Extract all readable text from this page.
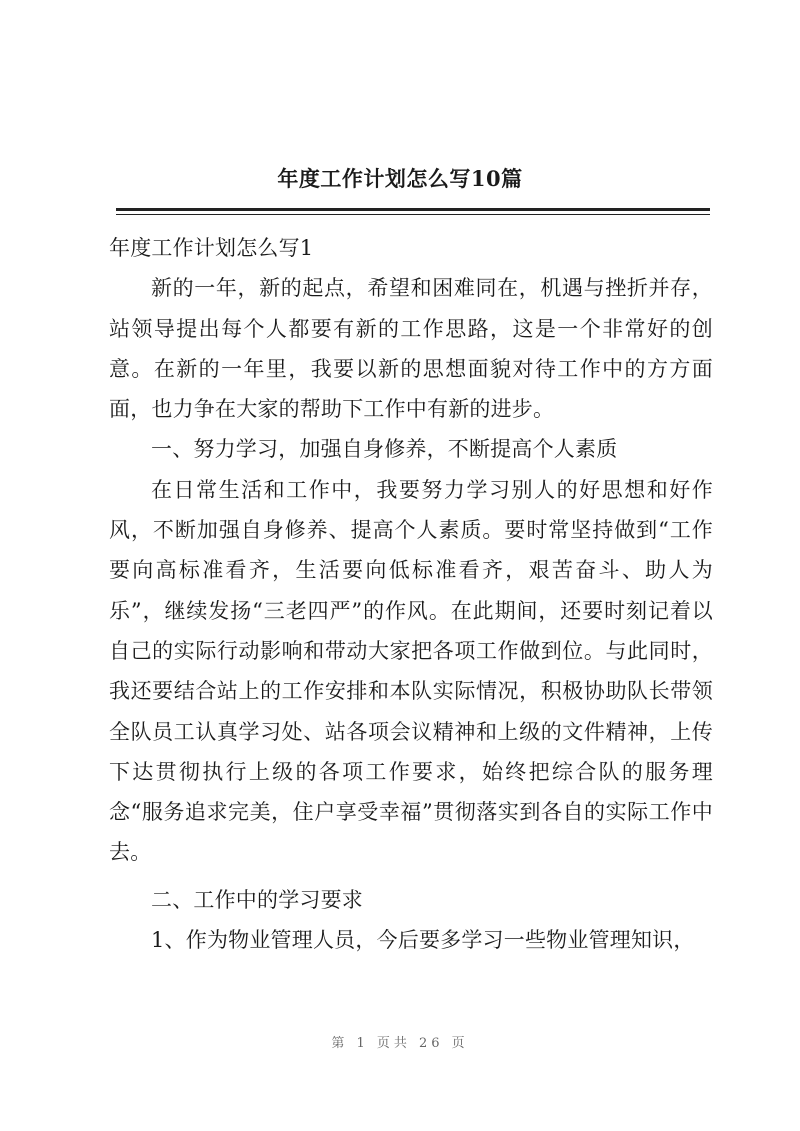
年度工作计划怎么写10篇

年度工作计划怎么写1

新的一年，新的起点，希望和困难同在，机遇与挫折并存，站领导提出每个人都要有新的工作思路，这是一个非常好的创意。在新的一年里，我要以新的思想面貌对待工作中的方方面面，也力争在大家的帮助下工作中有新的进步。

一、努力学习，加强自身修养，不断提高个人素质

在日常生活和工作中，我要努力学习别人的好思想和好作风，不断加强自身修养、提高个人素质。要时常坚持做到“工作要向高标准看齐，生活要向低标准看齐，艰苦奋斗、助人为乐”，继续发扬“三老四严”的作风。在此期间，还要时刻记着以自己的实际行动影响和带动大家把各项工作做到位。与此同时，我还要结合站上的工作安排和本队实际情况，积极协助队长带领全队员工认真学习处、站各项会议精神和上级的文件精神，上传下达贯彻执行上级的各项工作要求，始终把综合队的服务理念“服务追求完美，住户享受幸福”贯彻落实到各自的实际工作中去。

二、工作中的学习要求

1、作为物业管理人员，今后要多学习一些物业管理知识，

第 1 页共 26 页
